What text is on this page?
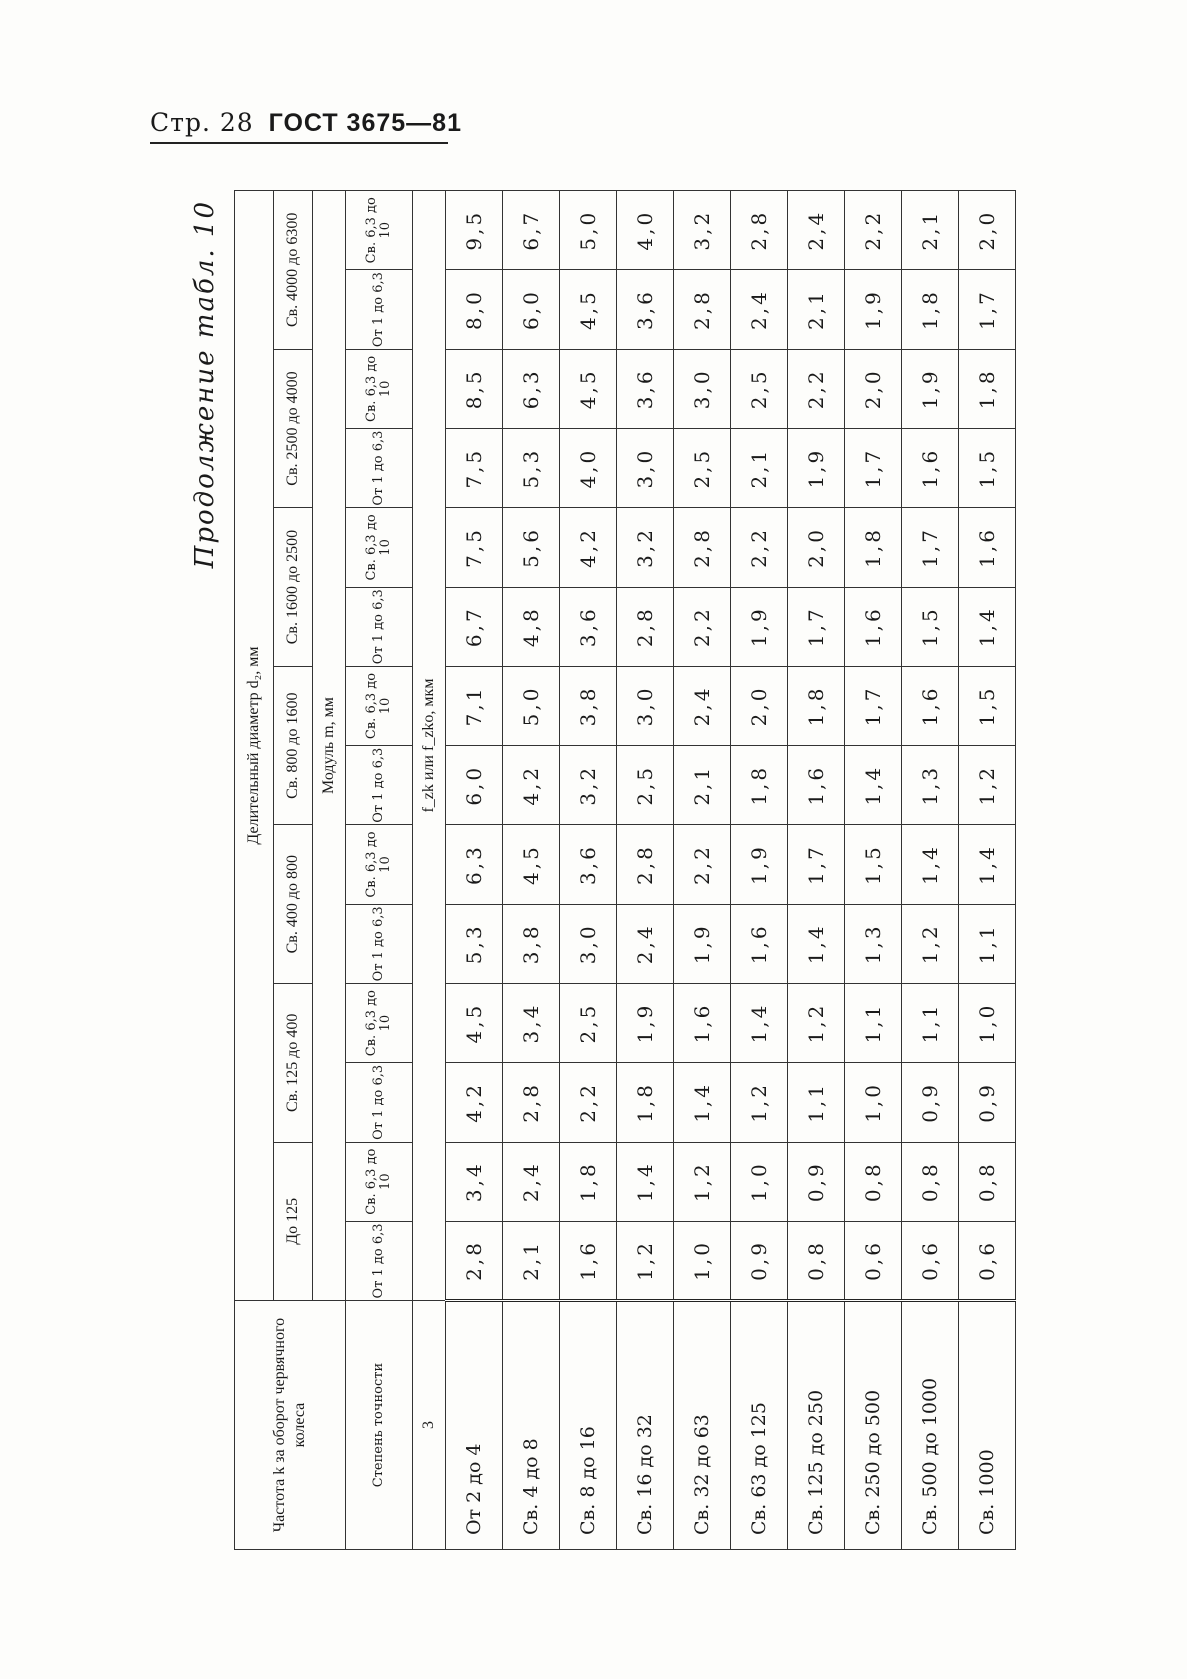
Стр. 28 ГОСТ 3675—81
Продолжение табл. 10
Частота k за оборот червячного колеса	Делительный диаметр d₂, мм													
	До 125		Св. 125 до 400		Св. 400 до 800		Св. 800 до 1600		Св. 1600 до 2500		Св. 2500 до 4000		Св. 4000 до 6300	
	Модуль m, мм													
Степень точности	От 1 до 6,3	Св. 6,3 до 10	От 1 до 6,3	Св. 6,3 до 10	От 1 до 6,3	Св. 6,3 до 10	От 1 до 6,3	Св. 6,3 до 10	От 1 до 6,3	Св. 6,3 до 10	От 1 до 6,3	Св. 6,3 до 10	От 1 до 6,3	Св. 6,3 до 10
3	f_zk или f_zko, мкм													
От 2 до 4	2,8	3,4	4,2	4,5	5,3	6,3	6,0	7,1	6,7	7,5	7,5	8,5	8,0	9,5
Св. 4 до 8	2,1	2,4	2,8	3,4	3,8	4,5	4,2	5,0	4,8	5,6	5,3	6,3	6,0	6,7
Св. 8 до 16	1,6	1,8	2,2	2,5	3,0	3,6	3,2	3,8	3,6	4,2	4,0	4,5	4,5	5,0
Св. 16 до 32	1,2	1,4	1,8	1,9	2,4	2,8	2,5	3,0	2,8	3,2	3,0	3,6	3,6	4,0
Св. 32 до 63	1,0	1,2	1,4	1,6	1,9	2,2	2,1	2,4	2,2	2,8	2,5	3,0	2,8	3,2
Св. 63 до 125	0,9	1,0	1,2	1,4	1,6	1,9	1,8	2,0	1,9	2,2	2,1	2,5	2,4	2,8
Св. 125 до 250	0,8	0,9	1,1	1,2	1,4	1,7	1,6	1,8	1,7	2,0	1,9	2,2	2,1	2,4
Св. 250 до 500	0,6	0,8	1,0	1,1	1,3	1,5	1,4	1,7	1,6	1,8	1,7	2,0	1,9	2,2
Св. 500 до 1000	0,6	0,8	0,9	1,1	1,2	1,4	1,3	1,6	1,5	1,7	1,6	1,9	1,8	2,1
Св. 1000	0,6	0,8	0,9	1,0	1,1	1,4	1,2	1,5	1,4	1,6	1,5	1,8	1,7	2,0
